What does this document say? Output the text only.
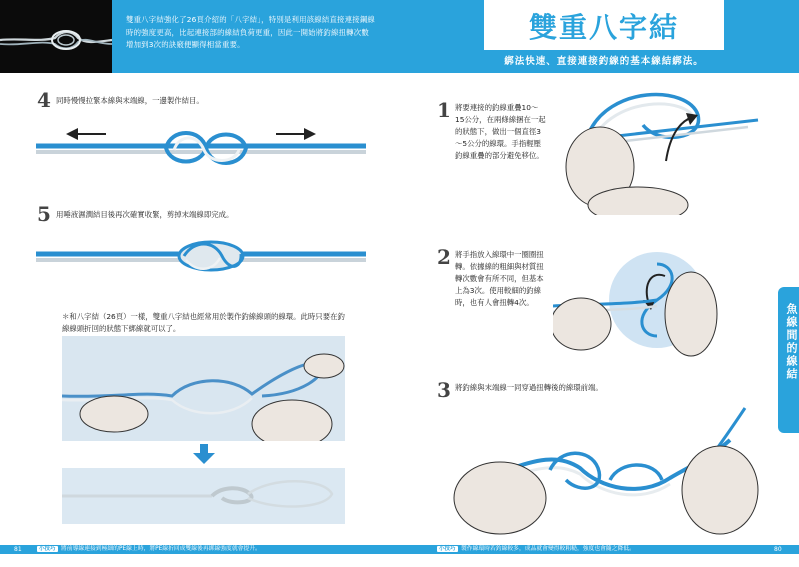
雙重八字結強化了26頁介紹的「八字結」，特別是利用該線結直接連接鋼線時的強度更高，比起連接部的線結負荷更重，因此一開始將釣線扭轉次數增加到3次的訣竅便顯得相當重要。
雙重八字結
綁法快速、直接連接釣線的基本線結綁法。
4 同時慢慢拉緊本線與末端線，一邊製作結目。
5 用唾液濕潤結目後再次確實收緊，剪掉末端線即完成。
＊和八字結（26頁）一樣，雙重八字結也經常用於製作釣線線頭的線環。此時只要在釣線線頭折回的狀態下綁線就可以了。
1 將要連接的釣線重疊10～15公分，在兩條線捆在一起的狀態下，做出一個直徑3～5公分的線環。手指輕壓釣線重疊的部分避免移位。
2 將手指放入線環中一圈圈扭轉。依據線的粗細與材質扭轉次數會有所不同，但基本上為3次。使用較細的釣線時，也有人會扭轉4次。
3 將釣線與末端線一同穿過扭轉後的線環前端。
魚線間的線結
81	小技巧 將前導線連接到極細的PE線上時，將PE線折回成雙線後再綁線強度就會提升。	小技巧 製作線環時若釣線較多，成品就會變得較粗糙，強度也會隨之降低。	80
